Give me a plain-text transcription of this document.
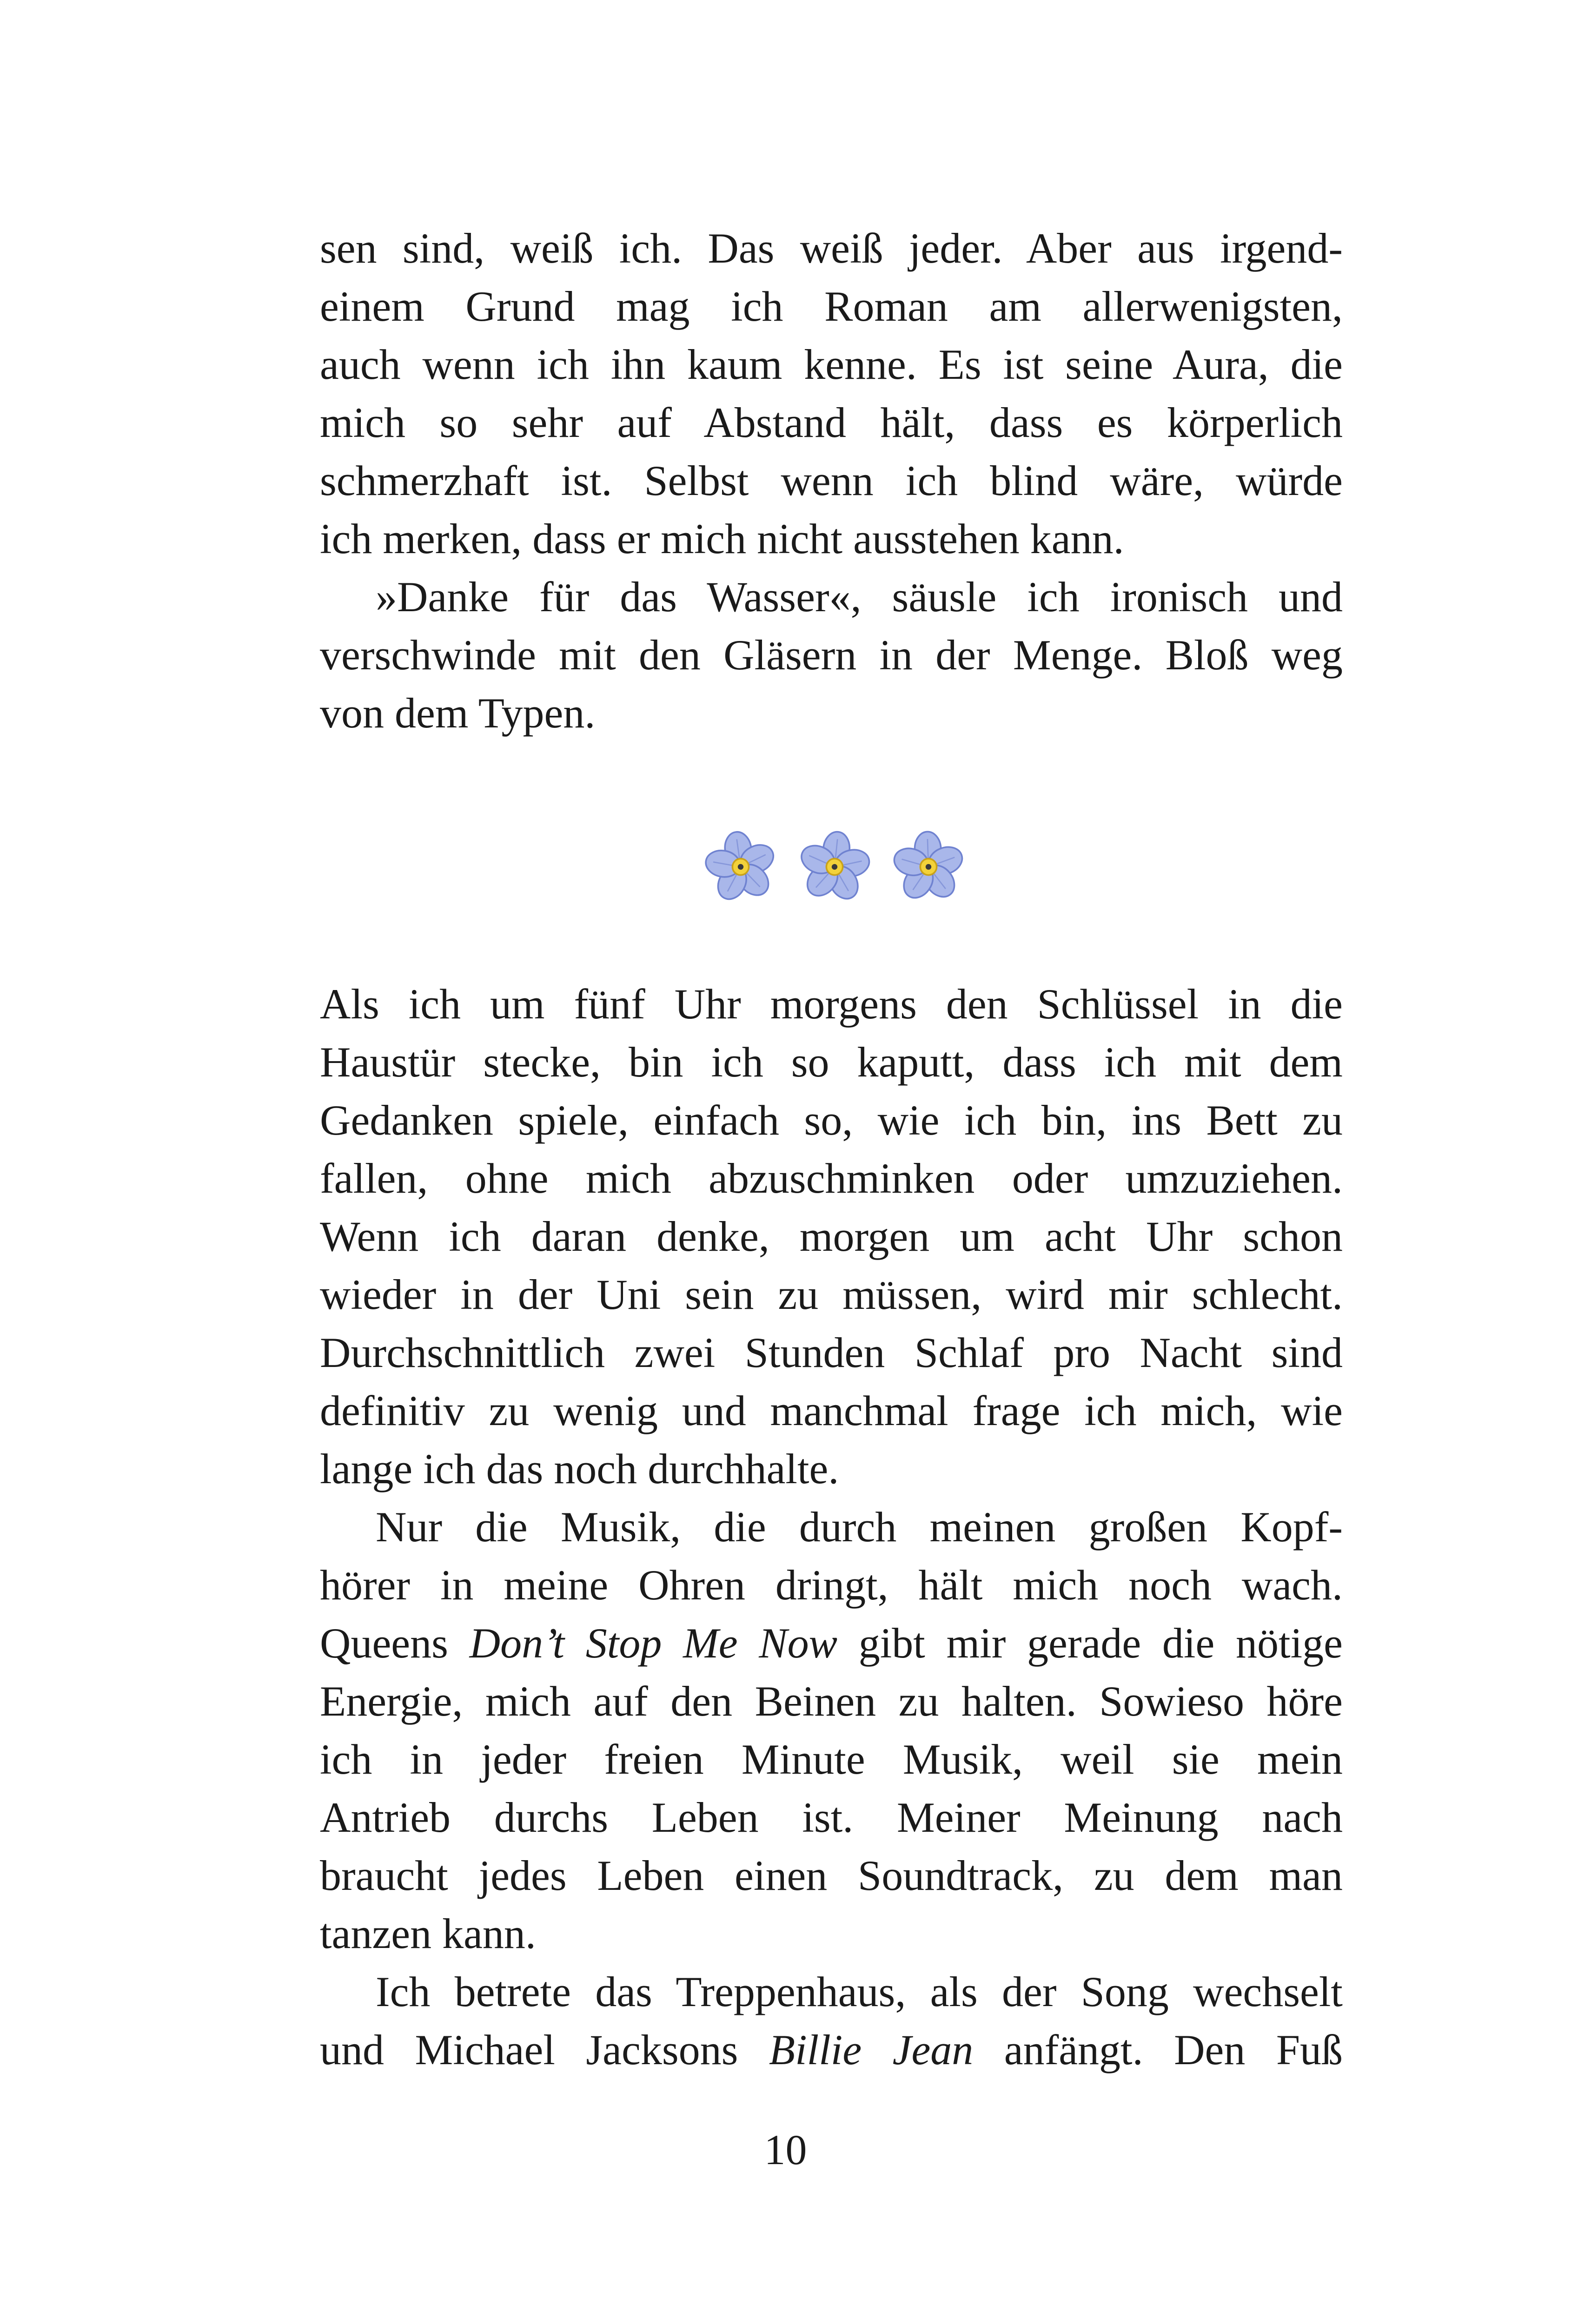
sen sind, weiß ich. Das weiß jeder. Aber aus irgend-
einem Grund mag ich Roman am allerwenigsten,
auch wenn ich ihn kaum kenne. Es ist seine Aura, die
mich so sehr auf Abstand hält, dass es körperlich
schmerzhaft ist. Selbst wenn ich blind wäre, würde
ich merken, dass er mich nicht ausstehen kann.
»Danke für das Wasser«, säusle ich ironisch und
verschwinde mit den Gläsern in der Menge. Bloß weg
von dem Typen.
Als ich um fünf Uhr morgens den Schlüssel in die
Haustür stecke, bin ich so kaputt, dass ich mit dem
Gedanken spiele, einfach so, wie ich bin, ins Bett zu
fallen, ohne mich abzuschminken oder umzuziehen.
Wenn ich daran denke, morgen um acht Uhr schon
wieder in der Uni sein zu müssen, wird mir schlecht.
Durchschnittlich zwei Stunden Schlaf pro Nacht sind
definitiv zu wenig und manchmal frage ich mich, wie
lange ich das noch durchhalte.
Nur die Musik, die durch meinen großen Kopf-
hörer in meine Ohren dringt, hält mich noch wach.
Queens Don’t Stop Me Now gibt mir gerade die nötige
Energie, mich auf den Beinen zu halten. Sowieso höre
ich in jeder freien Minute Musik, weil sie mein
Antrieb durchs Leben ist. Meiner Meinung nach
braucht jedes Leben einen Soundtrack, zu dem man
tanzen kann.
Ich betrete das Treppenhaus, als der Song wechselt
und Michael Jacksons Billie Jean anfängt. Den Fuß
10
